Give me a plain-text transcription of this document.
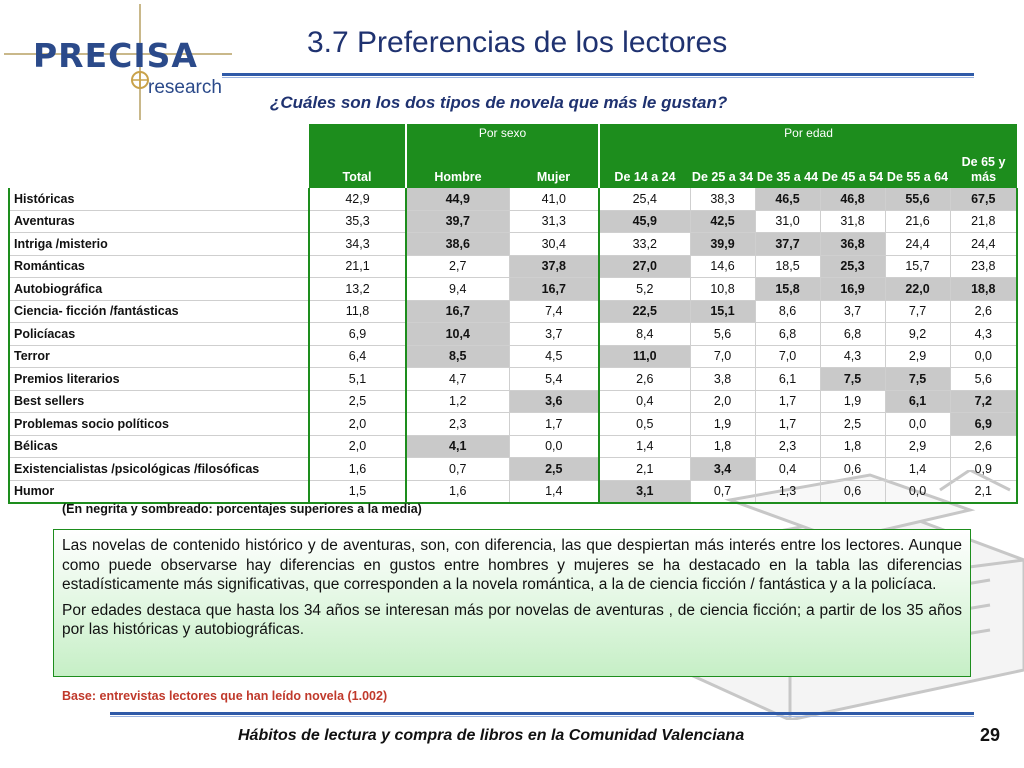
PRECISA
research
3.7 Preferencias de los lectores
¿Cuáles son los dos tipos de novela que más le gustan?
		Por sexo		Por edad					
	Total	Hombre	Mujer	De 14 a 24	De 25 a 34	De 35 a 44	De 45 a 54	De 55 a 64	De 65 y más
Históricas	42,9	44,9	41,0	25,4	38,3	46,5	46,8	55,6	67,5
Aventuras	35,3	39,7	31,3	45,9	42,5	31,0	31,8	21,6	21,8
Intriga /misterio	34,3	38,6	30,4	33,2	39,9	37,7	36,8	24,4	24,4
Románticas	21,1	2,7	37,8	27,0	14,6	18,5	25,3	15,7	23,8
Autobiográfica	13,2	9,4	16,7	5,2	10,8	15,8	16,9	22,0	18,8
Ciencia- ficción /fantásticas	11,8	16,7	7,4	22,5	15,1	8,6	3,7	7,7	2,6
Policíacas	6,9	10,4	3,7	8,4	5,6	6,8	6,8	9,2	4,3
Terror	6,4	8,5	4,5	11,0	7,0	7,0	4,3	2,9	0,0
Premios literarios	5,1	4,7	5,4	2,6	3,8	6,1	7,5	7,5	5,6
Best sellers	2,5	1,2	3,6	0,4	2,0	1,7	1,9	6,1	7,2
Problemas socio políticos	2,0	2,3	1,7	0,5	1,9	1,7	2,5	0,0	6,9
Bélicas	2,0	4,1	0,0	1,4	1,8	2,3	1,8	2,9	2,6
Existencialistas /psicológicas /filosóficas	1,6	0,7	2,5	2,1	3,4	0,4	0,6	1,4	0,9
Humor	1,5	1,6	1,4	3,1	0,7	1,3	0,6	0,0	2,1
(En negrita y sombreado: porcentajes superiores a la media)

Las novelas de contenido histórico y de aventuras, son, con diferencia, las que despiertan más interés entre los lectores. Aunque como puede observarse hay diferencias en gustos entre hombres y mujeres se ha destacado en la tabla las diferencias estadísticamente más significativas, que corresponden a la novela romántica, a la de ciencia ficción / fantástica y a la policíaca.

Por edades destaca que hasta los 34 años se interesan más por novelas de aventuras , de ciencia ficción; a partir de los 35 años por las históricas y autobiográficas.

Base: entrevistas lectores que han leído novela (1.002)
Hábitos de lectura y compra de libros en la Comunidad Valenciana	29
